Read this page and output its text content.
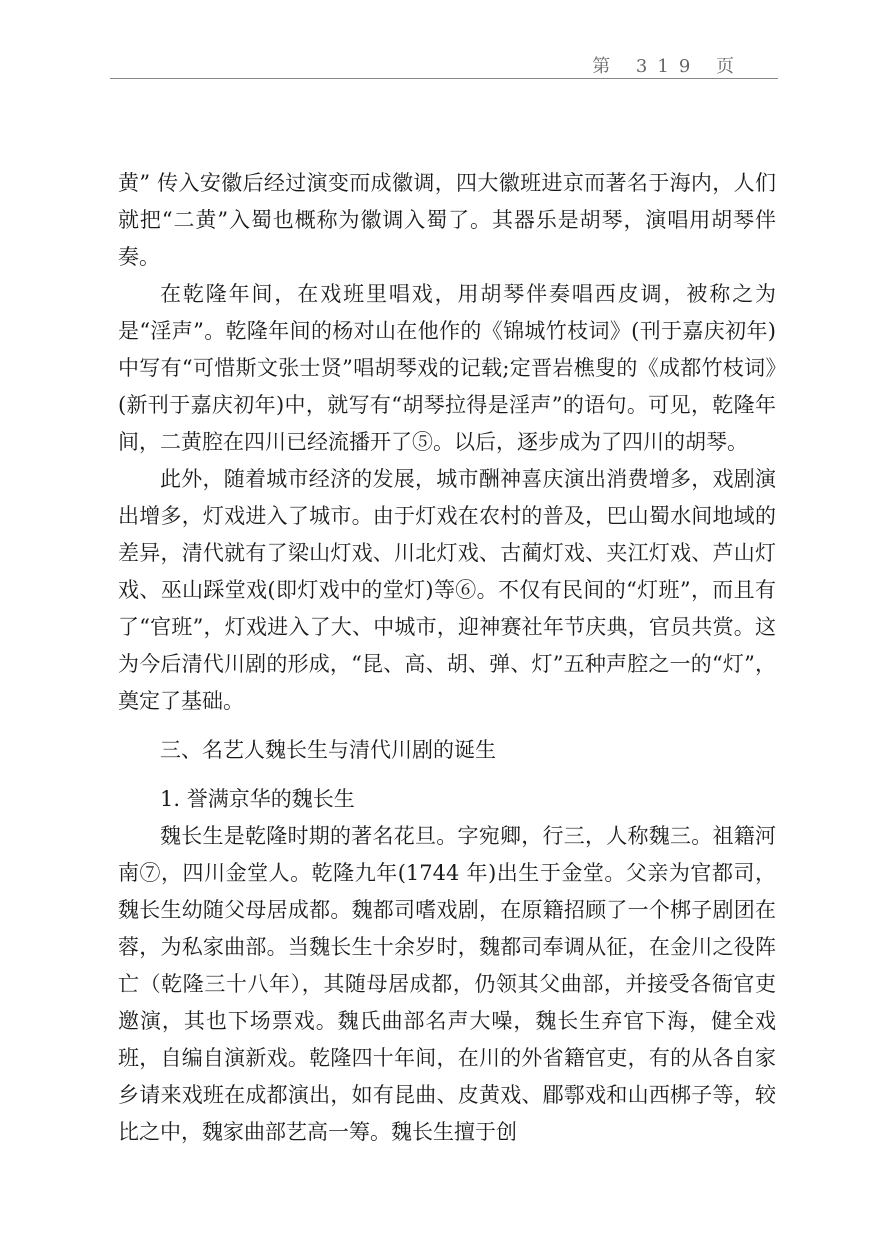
第 319 页

黄” 传入安徽后经过演变而成徽调，四大徽班进京而著名于海内，人们就把“二黄”入蜀也概称为徽调入蜀了。其器乐是胡琴，演唱用胡琴伴奏。

在乾隆年间，在戏班里唱戏，用胡琴伴奏唱西皮调，被称之为是“淫声”。乾隆年间的杨对山在他作的《锦城竹枝词》(刊于嘉庆初年)中写有“可惜斯文张士贤”唱胡琴戏的记载;定晋岩樵叟的《成都竹枝词》(新刊于嘉庆初年)中，就写有“胡琴拉得是淫声”的语句。可见，乾隆年间，二黄腔在四川已经流播开了⑤。以后，逐步成为了四川的胡琴。

此外，随着城市经济的发展，城市酬神喜庆演出消费增多，戏剧演出增多，灯戏进入了城市。由于灯戏在农村的普及，巴山蜀水间地域的差异，清代就有了梁山灯戏、川北灯戏、古蔺灯戏、夹江灯戏、芦山灯戏、巫山踩堂戏(即灯戏中的堂灯)等⑥。不仅有民间的“灯班”，而且有了“官班”，灯戏进入了大、中城市，迎神赛社年节庆典，官员共赏。这为今后清代川剧的形成，“昆、高、胡、弹、灯”五种声腔之一的“灯”，奠定了基础。

三、名艺人魏长生与清代川剧的诞生

1. 誉满京华的魏长生

魏长生是乾隆时期的著名花旦。字宛卿，行三，人称魏三。祖籍河南⑦，四川金堂人。乾隆九年(1744 年)出生于金堂。父亲为官都司，魏长生幼随父母居成都。魏都司嗜戏剧，在原籍招顾了一个梆子剧团在蓉，为私家曲部。当魏长生十余岁时，魏都司奉调从征，在金川之役阵亡（乾隆三十八年），其随母居成都，仍领其父曲部，并接受各衙官吏邀演，其也下场票戏。魏氏曲部名声大噪，魏长生弃官下海，健全戏班，自编自演新戏。乾隆四十年间，在川的外省籍官吏，有的从各自家乡请来戏班在成都演出，如有昆曲、皮黄戏、郿鄠戏和山西梆子等，较比之中，魏家曲部艺高一筹。魏长生擅于创
